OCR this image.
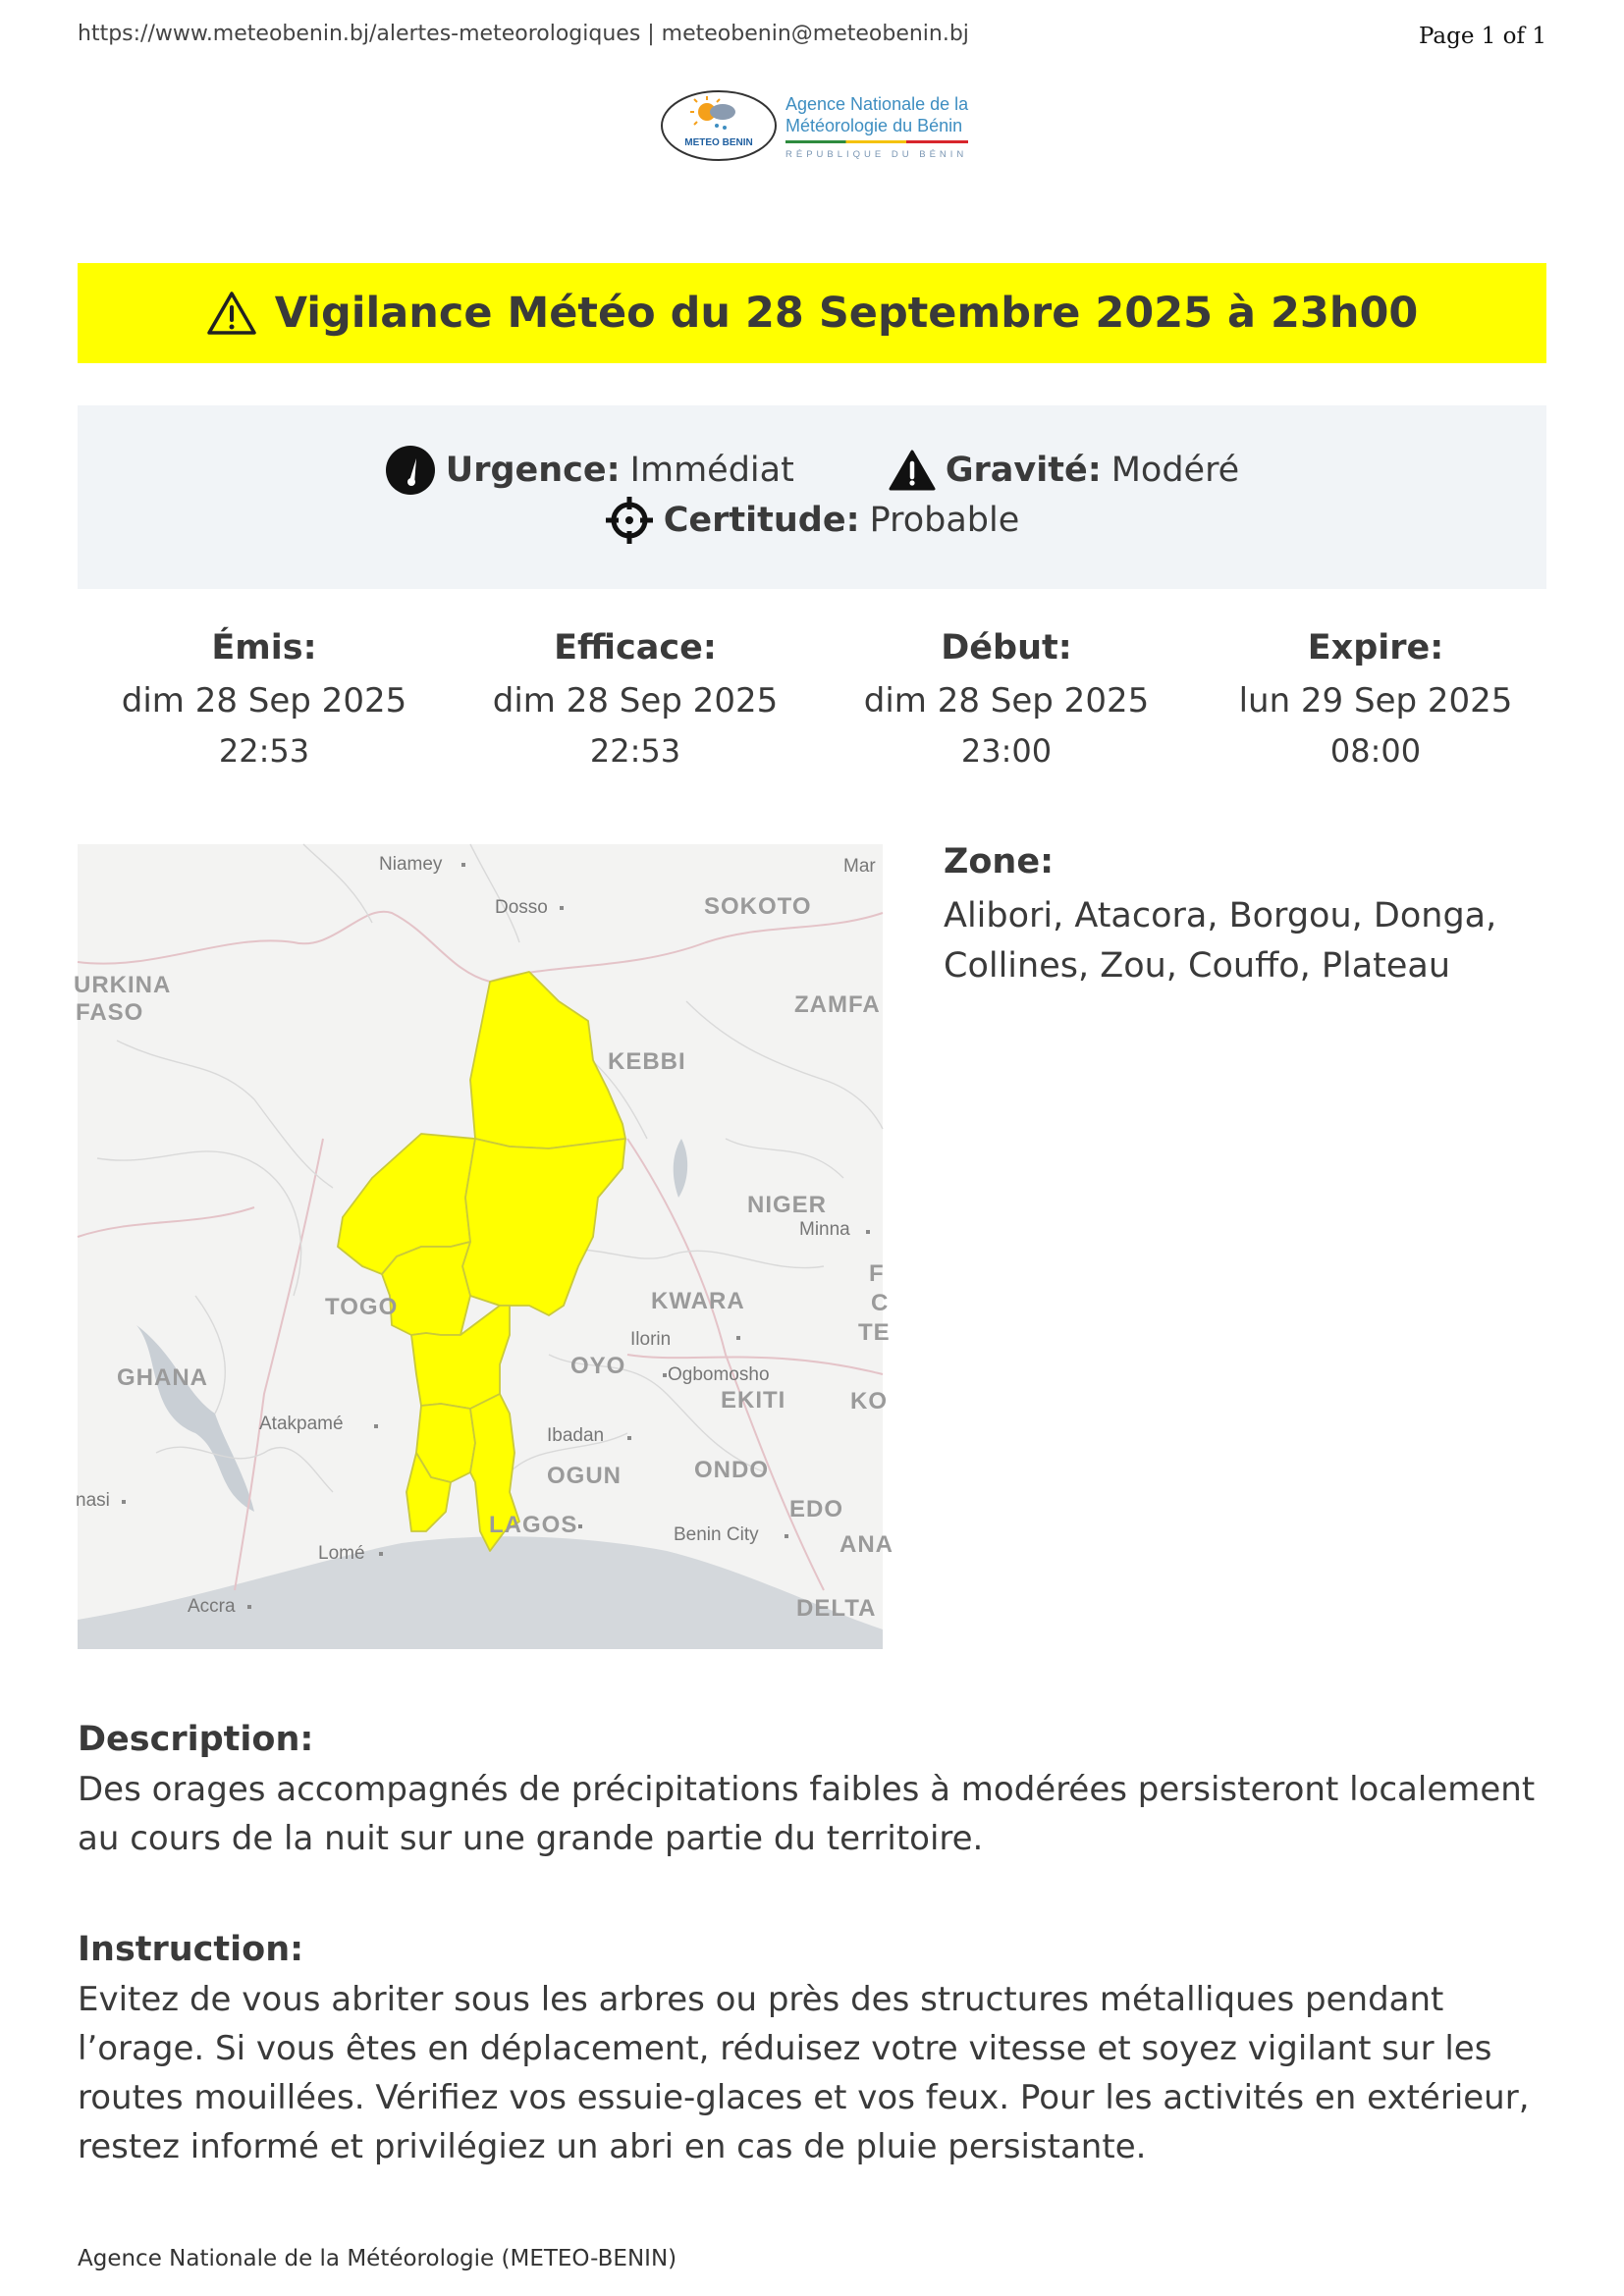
https://www.meteobenin.bj/alertes-meteorologiques | meteobenin@meteobenin.bj	Page 1 of 1
METEO BENIN
Agence Nationale de la
Météorologie du Bénin
RÉPUBLIQUE DU BÉNIN
Vigilance Météo du 28 Septembre 2025 à 23h00
Urgence: Immédiat	Gravité: Modéré
Certitude: Probable
Émis:
dim 28 Sep 2025
22:53
Efficace:
dim 28 Sep 2025
22:53
Début:
dim 28 Sep 2025
23:00
Expire:
lun 29 Sep 2025
08:00
Niamey
Dosso	SOKOTO
Mar
URKINA
FASO	ZAMFA
KEBBI
NIGER
Minna
TOGO	KWARA
Ilorin
OYO Ogbomosho
GHANA
EKITI
Atakpamé
Ibadan
ONDO
OGUN
EDO
LAGOS	Benin City
Lomé
Accra	DELTA
nasi
KO
TE
ANA
F
C
Zone:
Alibori, Atacora, Borgou, Donga, Collines, Zou, Couffo, Plateau
Description:
Des orages accompagnés de précipitations faibles à modérées persisteront localement au cours de la nuit sur une grande partie du territoire.
Instruction:
Evitez de vous abriter sous les arbres ou près des structures métalliques pendant l’orage. Si vous êtes en déplacement, réduisez votre vitesse et soyez vigilant sur les routes mouillées. Vérifiez vos essuie-glaces et vos feux. Pour les activités en extérieur, restez informé et privilégiez un abri en cas de pluie persistante.
Agence Nationale de la Météorologie (METEO-BENIN)
